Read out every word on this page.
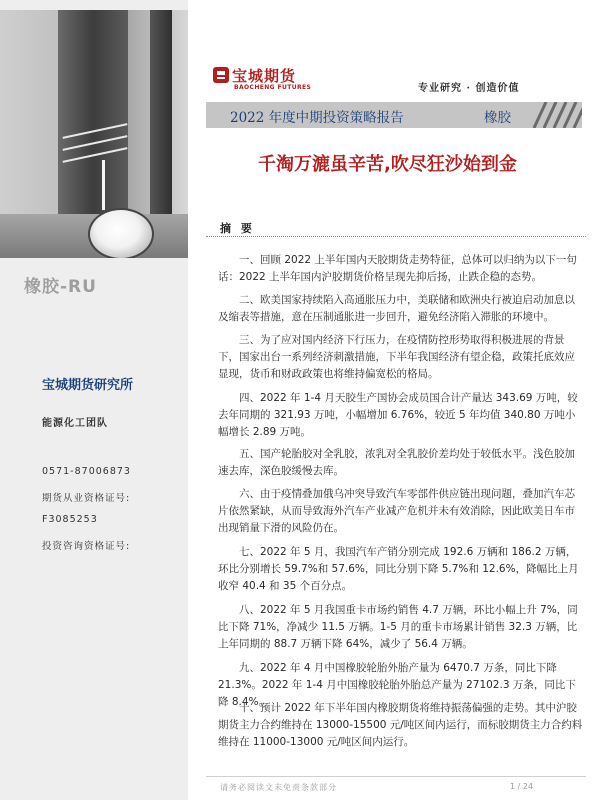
橡胶-RU
宝城期货研究所
能源化工团队
0571-87006873
期货从业资格证号:
F3085253
投资咨询资格证号:
宝城期货
BAOCHENG FUTURES	专业研究 · 创造价值
2022 年度中期投资策略报告	橡胶
千淘万漉虽辛苦,吹尽狂沙始到金
摘 要

一、回顾 2022 上半年国内天胶期货走势特征，总体可以归纳为以下一句话：2022 上半年国内沪胶期货价格呈现先抑后扬，止跌企稳的态势。

二、欧美国家持续陷入高通胀压力中，美联储和欧洲央行被迫启动加息以及缩表等措施，意在压制通胀进一步回升，避免经济陷入滞胀的环境中。

三、为了应对国内经济下行压力，在疫情防控形势取得积极进展的背景下，国家出台一系列经济刺激措施，下半年我国经济有望企稳，政策托底效应显现，货币和财政政策也将维持偏宽松的格局。

四、2022 年 1-4 月天胶生产国协会成员国合计产量达 343.69 万吨，较去年同期的 321.93 万吨，小幅增加 6.76%，较近 5 年均值 340.80 万吨小幅增长 2.89 万吨。

五、国产轮胎胶对全乳胶，浓乳对全乳胶价差均处于较低水平。浅色胶加速去库，深色胶缓慢去库。

六、由于疫情叠加俄乌冲突导致汽车零部件供应链出现问题，叠加汽车芯片依然紧缺，从而导致海外汽车产业减产危机并未有效消除，因此欧美日车市出现销量下滑的风险仍在。

七、2022 年 5 月，我国汽车产销分别完成 192.6 万辆和 186.2 万辆，环比分别增长 59.7%和 57.6%，同比分别下降 5.7%和 12.6%，降幅比上月收窄 40.4 和 35 个百分点。

八、2022 年 5 月我国重卡市场约销售 4.7 万辆，环比小幅上升 7%，同比下降 71%，净减少 11.5 万辆。1-5 月的重卡市场累计销售 32.3 万辆，比上年同期的 88.7 万辆下降 64%，减少了 56.4 万辆。

九、2022 年 4 月中国橡胶轮胎外胎产量为 6470.7 万条，同比下降 21.3%。2022 年 1-4 月中国橡胶轮胎外胎总产量为 27102.3 万条，同比下降 8.4%。

十、预计 2022 年下半年国内橡胶期货将维持振荡偏强的走势。其中沪胶期货主力合约维持在 13000-15500 元/吨区间内运行，而标胶期货主力合约料维持在 11000-13000 元/吨区间内运行。

请务必阅读文末免责条款部分	1 / 24
